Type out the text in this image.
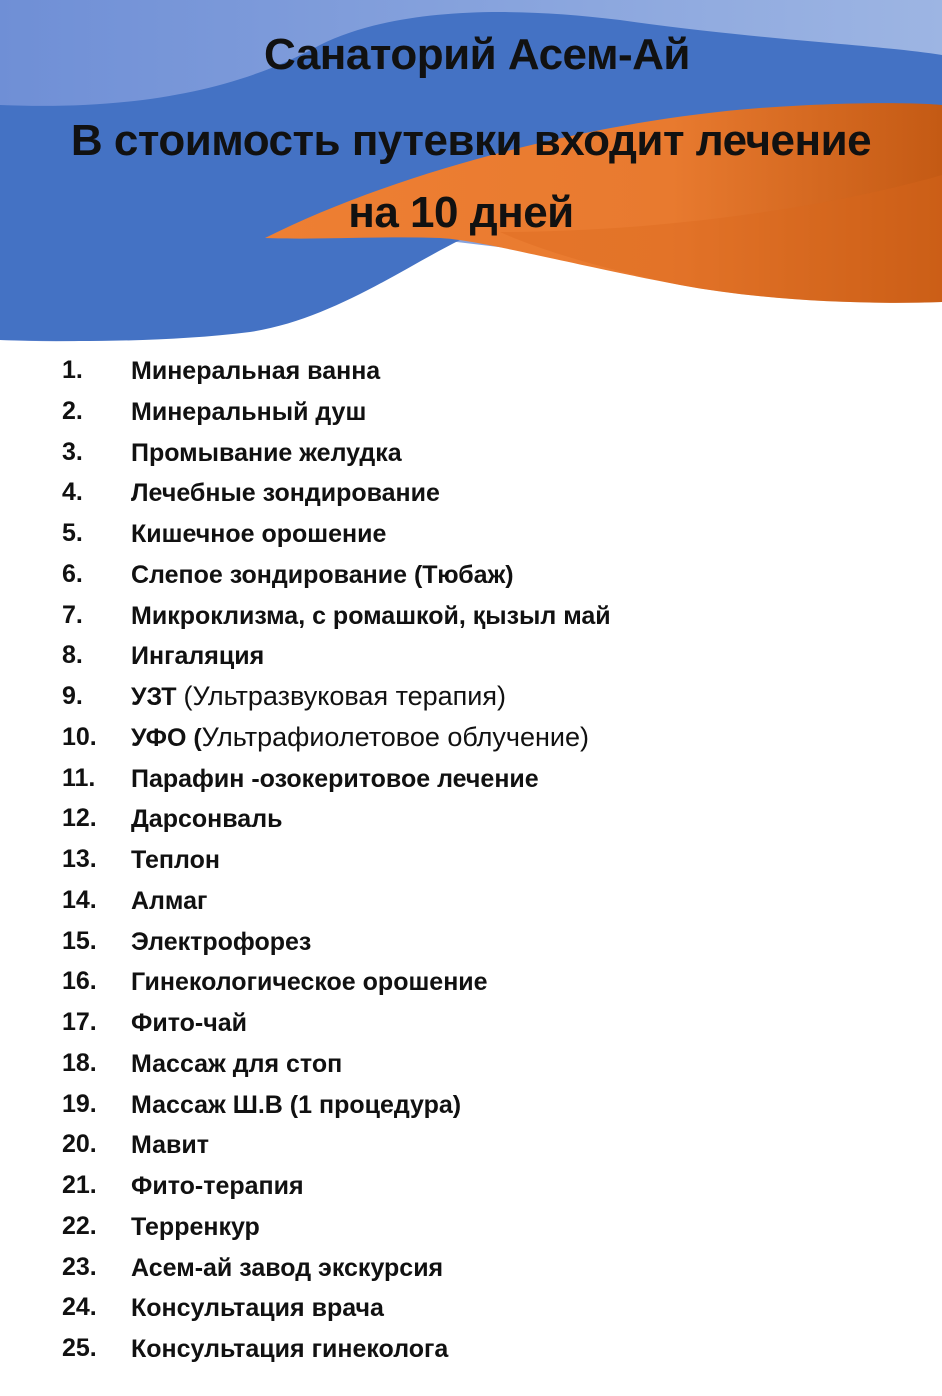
Санаторий Асем-Ай
В стоимость путевки входит лечение
на 10 дней
1.	Минеральная ванна
2.	Минеральный душ
3.	Промывание желудка
4.	Лечебные зондирование
5.	Кишечное орошение
6.	Слепое зондирование (Тюбаж)
7.	Микроклизма, с ромашкой, қызыл май
8.	Ингаляция
9.	УЗТ (Ультразвуковая терапия)
10.	УФО (Ультрафиолетовое облучение)
11.	Парафин -озокеритовое лечение
12.	Дарсонваль
13.	Теплон
14.	Алмаг
15.	Электрофорез
16.	Гинекологическое орошение
17.	Фито-чай
18.	Массаж для стоп
19.	Массаж Ш.В (1 процедура)
20.	Мавит
21.	Фито-терапия
22.	Терренкур
23.	Асем-ай завод экскурсия
24.	Консультация врача
25.	Консультация гинеколога
